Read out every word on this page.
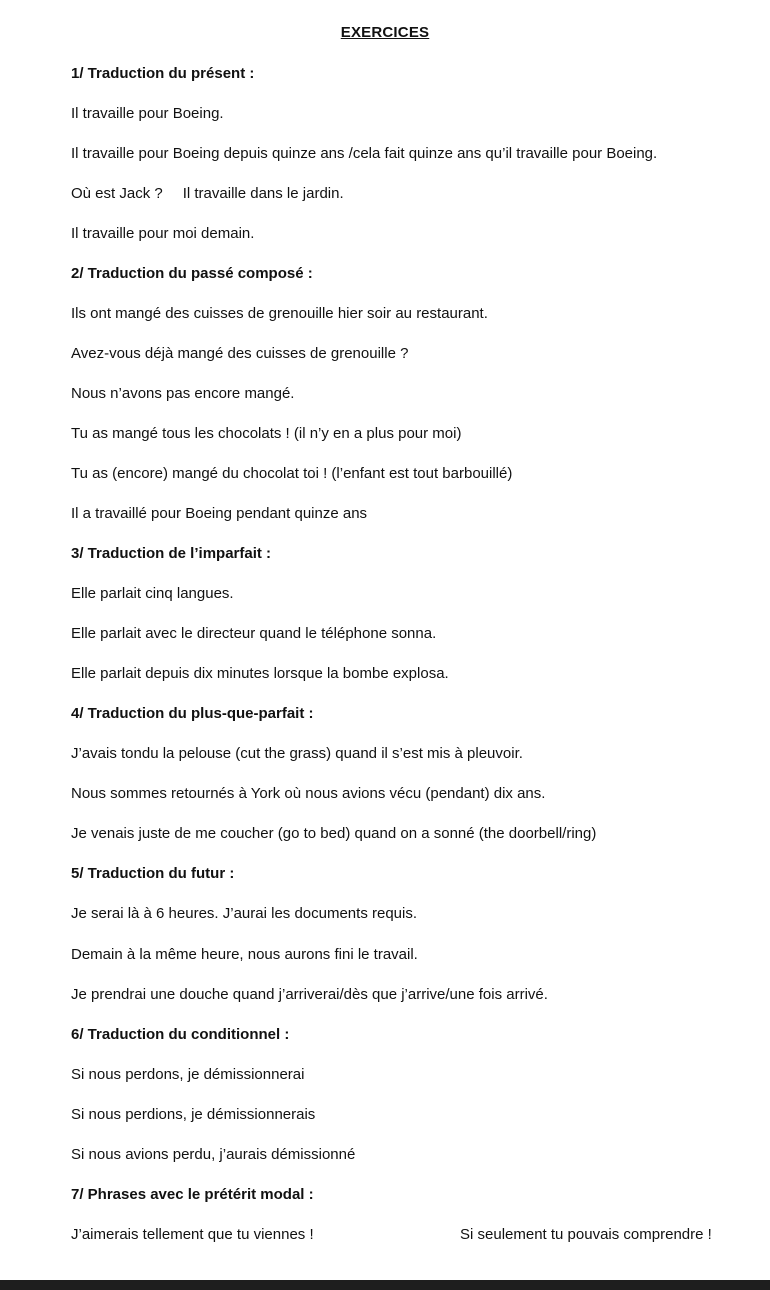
EXERCICES
1/ Traduction du présent :
Il travaille pour Boeing.
Il travaille pour Boeing depuis quinze ans /cela fait quinze ans qu’il travaille pour Boeing.
Où est Jack ? Il travaille dans le jardin.
Il travaille pour moi demain.
2/ Traduction du passé composé :
Ils ont mangé des cuisses de grenouille hier soir au restaurant.
Avez-vous déjà mangé des cuisses de grenouille ?
Nous n’avons pas encore mangé.
Tu as mangé tous les chocolats ! (il n’y en a plus pour moi)
Tu as (encore) mangé du chocolat toi ! (l’enfant est tout barbouillé)
Il a travaillé pour Boeing pendant quinze ans
3/ Traduction de l’imparfait :
Elle parlait cinq langues.
Elle parlait avec le directeur quand le téléphone sonna.
Elle parlait depuis dix minutes lorsque la bombe explosa.
4/ Traduction du plus-que-parfait :
J’avais tondu la pelouse (cut the grass) quand il s’est mis à pleuvoir.
Nous sommes retournés à York où nous avions vécu (pendant) dix ans.
Je venais juste de me coucher (go to bed) quand on a sonné (the doorbell/ring)
5/ Traduction du futur :
Je serai là à 6 heures. J’aurai les documents requis.
Demain à la même heure, nous aurons fini le travail.
Je prendrai une douche quand j’arriverai/dès que j’arrive/une fois arrivé.
6/ Traduction du conditionnel :
Si nous perdons, je démissionnerai
Si nous perdions, je démissionnerais
Si nous avions perdu, j’aurais démissionné
7/ Phrases avec le prétérit modal :
J’aimerais tellement que tu viennes !	Si seulement tu pouvais comprendre !
